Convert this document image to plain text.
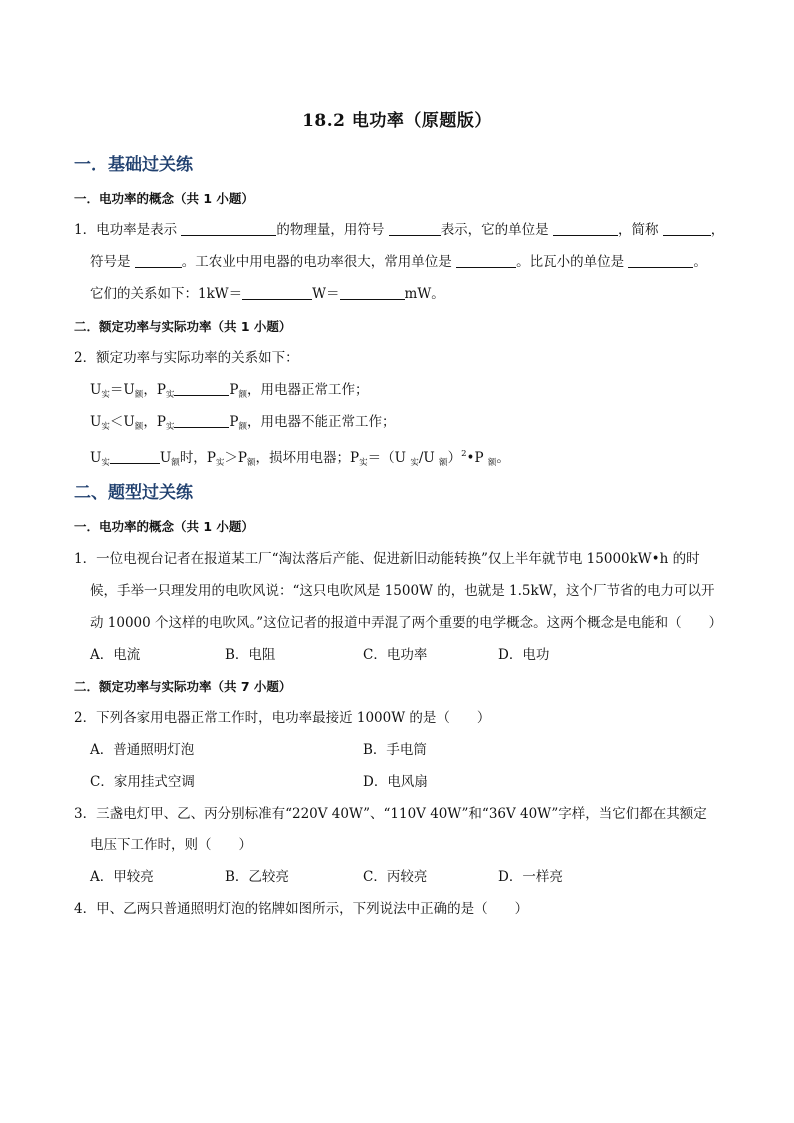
18.2 电功率（原题版）
一．基础过关练
一．电功率的概念（共 1 小题）
1．电功率是表示	的物理量，用符号	表示，它的单位是	，简称	，
符号是	。工农业中用电器的电功率很大，常用单位是	。比瓦小的单位是	。
它们的关系如下：1kW＝	W＝	mW。
二．额定功率与实际功率（共 1 小题）
2．额定功率与实际功率的关系如下：
$U_实=U_额$，$P_实$	$P_额$，用电器正常工作；
$U_实<U_额$，$P_实$	$P_额$，用电器不能正常工作；
$U_实$	$U_额$时，$P_实>P_额$，损坏用电器；$P_实=(U$ $_实$/U $_额$）$^2$•P $_额$。
二、题型过关练
一．电功率的概念（共 1 小题）
1．一位电视台记者在报道某工厂“淘汰落后产能、促进新旧动能转换”仅上半年就节电 15000kW•h 的时
候，手举一只理发用的电吹风说：“这只电吹风是 1500W 的，也就是 1.5kW，这个厂节省的电力可以开
动 10000 个这样的电吹风。”这位记者的报道中弄混了两个重要的电学概念。这两个概念是电能和（　　）
A．电流	B．电阻	C．电功率	D．电功
二．额定功率与实际功率（共 7 小题）
2．下列各家用电器正常工作时，电功率最接近 1000W 的是（　　）
A．普通照明灯泡	B．手电筒
C．家用挂式空调	D．电风扇
3．三盏电灯甲、乙、丙分别标准有“220V 40W”、“110V 40W”和“36V 40W”字样，当它们都在其额定
电压下工作时，则（　　）
A．甲较亮	B．乙较亮	C．丙较亮	D．一样亮
4．甲、乙两只普通照明灯泡的铭牌如图所示，下列说法中正确的是（　　）
